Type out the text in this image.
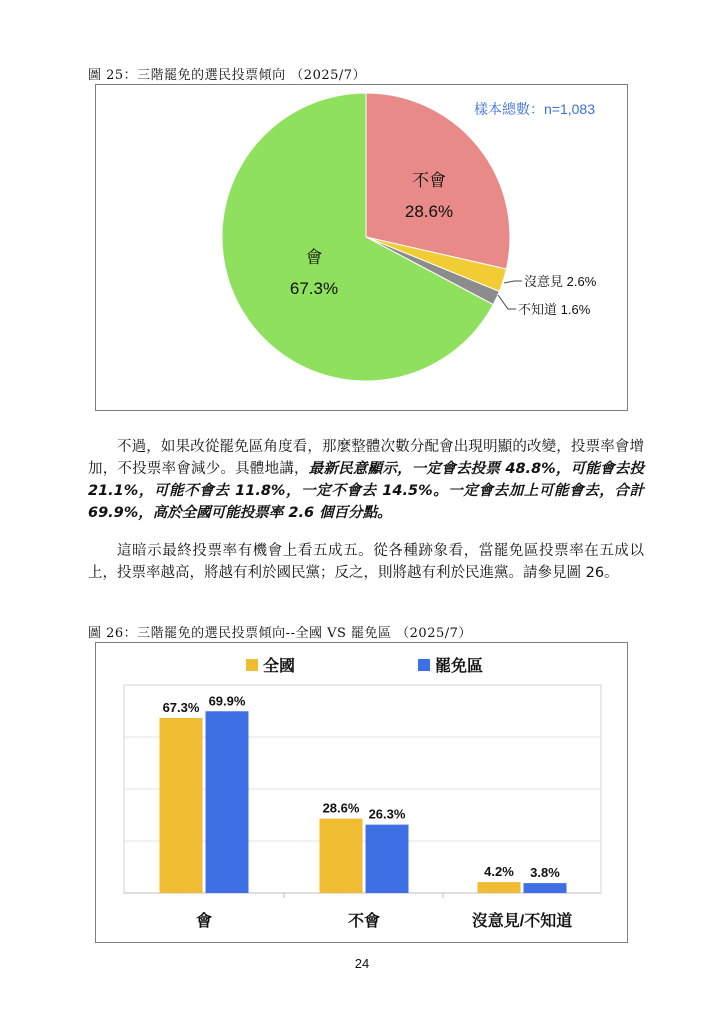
圖 25：三階罷免的選民投票傾向 （2025/7）
樣本總數：n=1,083
不會
28.6%
會
67.3%	沒意見 2.6%
不知道 1.6%
不過，如果改從罷免區角度看，那麼整體次數分配會出現明顯的改變，投票率會增加，不投票率會減少。具體地講，最新民意顯示，一定會去投票 48.8%，可能會去投 21.1%，可能不會去 11.8%，一定不會去 14.5%。一定會去加上可能會去，合計 69.9%，高於全國可能投票率 2.6 個百分點。
這暗示最終投票率有機會上看五成五。從各種跡象看，當罷免區投票率在五成以上，投票率越高，將越有利於國民黨；反之，則將越有利於民進黨。請參見圖 26。
圖 26：三階罷免的選民投票傾向--全國 VS 罷免區 （2025/7）
全國	罷免區
67.3%
28.6%
4.2%
69.9%
26.3%
3.8%
會	不會	沒意見/不知道
24
